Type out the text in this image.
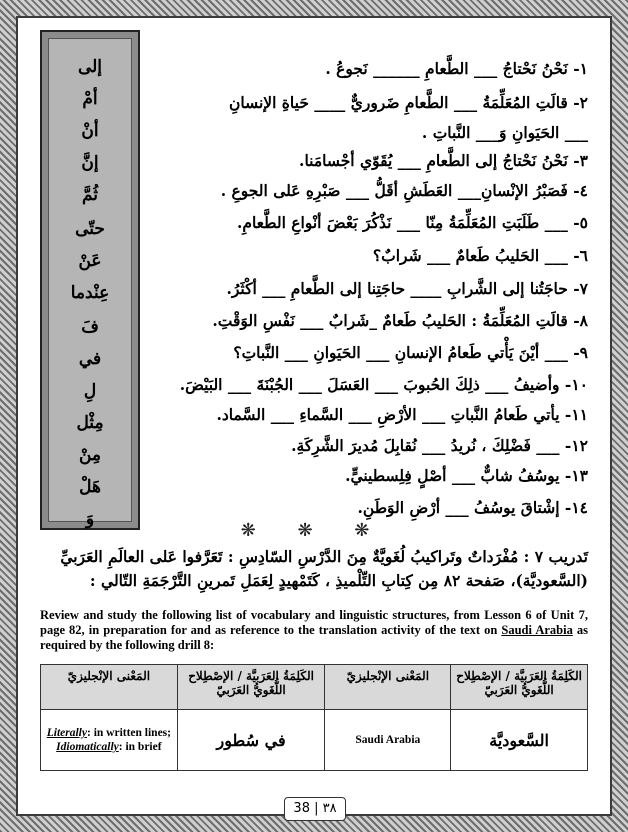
إلى
أمْ
أنْ
إنَّ
ثُمَّ
حتّى
عَنْ
عِنْدما
فَ
في
لِ
مِثْل
مِنْ
هَلْ
وَ
١- نَحْنُ نَحْتاجُ ___ الطَّعامِ ______ نَجوعُ .
٢- قالَتِ المُعَلِّمَةُ ___ الطَّعامِ ضَروريٌّ ____ حَياةِ الإنسانِ
___ الحَيَوانِ وَ___ النَّباتِ .
٣- نَحْنُ نَحْتاجُ إلى الطَّعامِ ___ يُقَوّي أجْسامَنا.
٤- فَصَبْرُ الإنْسانِ___ العَطَشِ أقَلُّ ___ صَبْرِهِ عَلى الجوعِ .
٥- ___ طَلَبَتِ المُعَلِّمَةُ مِنّا ___ نَذْكُرَ بَعْضَ أنْواعِ الطَّعامِ.
٦- ___ الحَليبُ طَعامٌ ___ شَرابٌ؟
٧- حاجَتُنا إلى الشَّرابِ ____ حاجَتِنا إلى الطَّعامِ ___ أكْثَرُ.
٨- قالَتِ المُعَلِّمَةُ : الحَليبُ طَعامٌ _شَرابٌ ___ نَفْسِ الوَقْتِ.
٩- ___ أيْنَ يَأْتي طَعامُ الإنسانِ ___ الحَيَوانِ ___ النَّباتِ؟
١٠- وأضيفُ ___ ذلِكَ الحُبوبَ ___ العَسَلَ ___ الجُبْنَةَ ___ البَيْضَ.
١١- يأتي طَعامُ النَّباتِ ___ الأرْضِ ___ السَّماءِ ___ السَّماد.
١٢- ___ فَضْلِكَ ، نُريدُ ___ نُقابِلَ مُديرَ الشَّرِكَةِ.
١٣- يوسُفُ شابٌّ ___ أصْلٍ فِلِسطينيٍّ.
١٤- إشْتاقَ يوسُفُ ___ أرْضِ الوَطَنِ.
❋ ❋ ❋
تَدريب ٧ : مُفْرَداتٌ وتَراكيبُ لُغَويَّةٌ مِنَ الدَّرْسِ السّادِسِ : تَعَرَّفوا عَلى العالَمِ العَرَبيِّ
(السَّعوديَّة)، صَفحة ٨٢ مِن كِتابِ التِّلْميذِ ، كَتَمْهيدٍ لِعَمَلِ تَمرينِ التَّرْجَمَةِ التّالي :
Review and study the following list of vocabulary and linguistic structures, from Lesson 6 of Unit 7, page 82, in preparation for and as reference to the translation activity of the text on Saudi Arabia as required by the following drill 8:
المَعْنى الإنْجليزيّ	الكَلِمَةُ العَرَبيَّة / الإصْطِلاح اللُّغَويُّ العَرَبيّ	المَعْنى الإنْجليزيّ	الكَلِمَةُ العَرَبيَّة / الإصْطِلاح اللُّغَويُّ العَرَبيّ
Literally: in written lines; Idiomatically: in brief	في سُطور	Saudi Arabia	السَّعوديَّة
38 | ٣٨
